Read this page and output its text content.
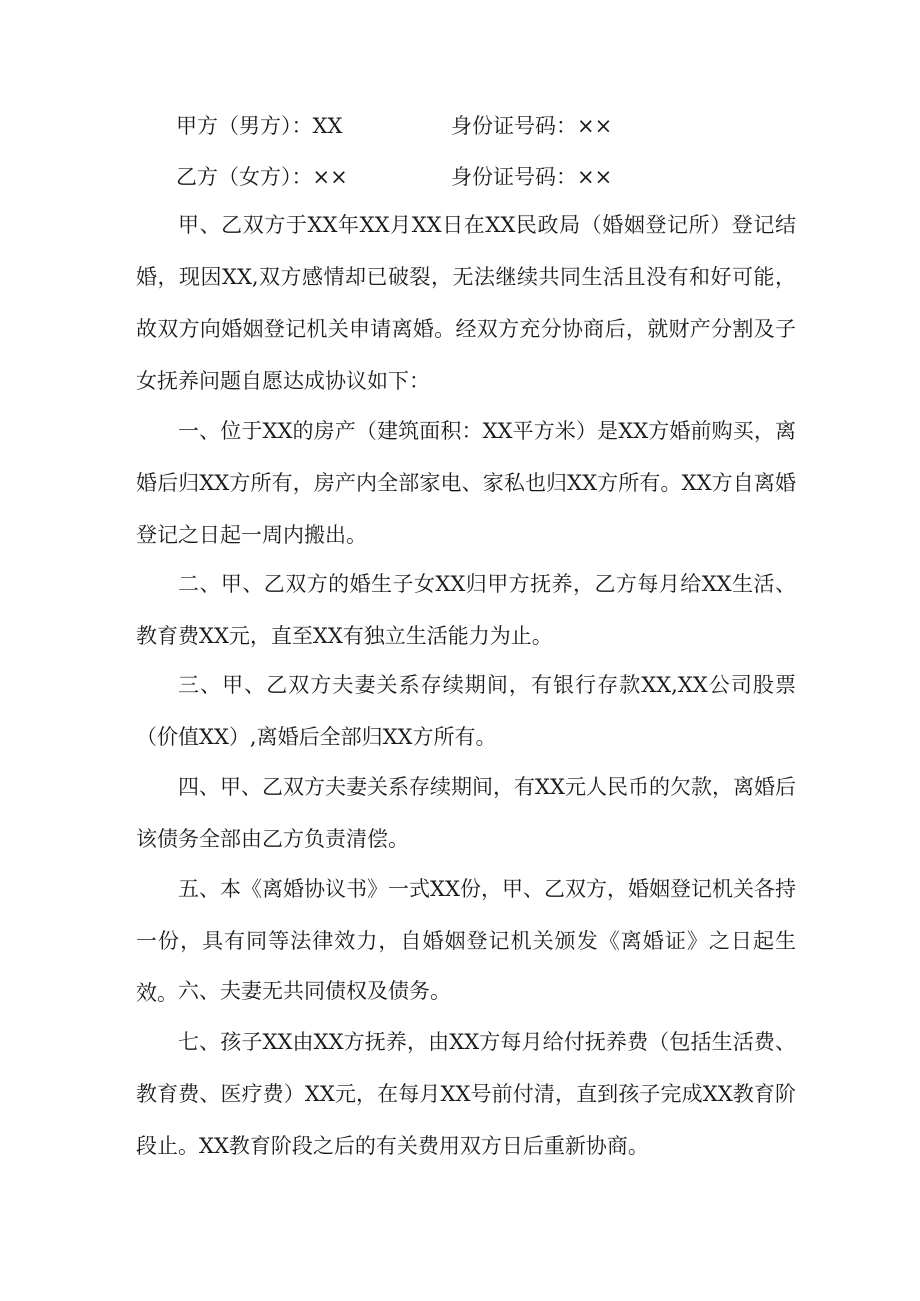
甲方（男方）：XX	身份证号码：××
乙方（女方）：××	身份证号码：××

甲、乙双方于XX年XX月XX日在XX民政局（婚姻登记所）登记结婚，现因XX,双方感情却已破裂，无法继续共同生活且没有和好可能，故双方向婚姻登记机关申请离婚。经双方充分协商后，就财产分割及子女抚养问题自愿达成协议如下：

一、位于XX的房产（建筑面积：XX平方米）是XX方婚前购买，离婚后归XX方所有，房产内全部家电、家私也归XX方所有。XX方自离婚登记之日起一周内搬出。

二、甲、乙双方的婚生子女XX归甲方抚养，乙方每月给XX生活、教育费XX元，直至XX有独立生活能力为止。

三、甲、乙双方夫妻关系存续期间，有银行存款XX,XX公司股票（价值XX）,离婚后全部归XX方所有。

四、甲、乙双方夫妻关系存续期间，有XX元人民币的欠款，离婚后该债务全部由乙方负责清偿。

五、本《离婚协议书》一式XX份，甲、乙双方，婚姻登记机关各持一份，具有同等法律效力，自婚姻登记机关颁发《离婚证》之日起生效。 六、夫妻无共同债权及债务。

七、孩子XX由XX方抚养，由XX方每月给付抚养费（包括生活费、教育费、医疗费）XX元，在每月XX号前付清，直到孩子完成XX教育阶段止。XX教育阶段之后的有关费用双方日后重新协商。
